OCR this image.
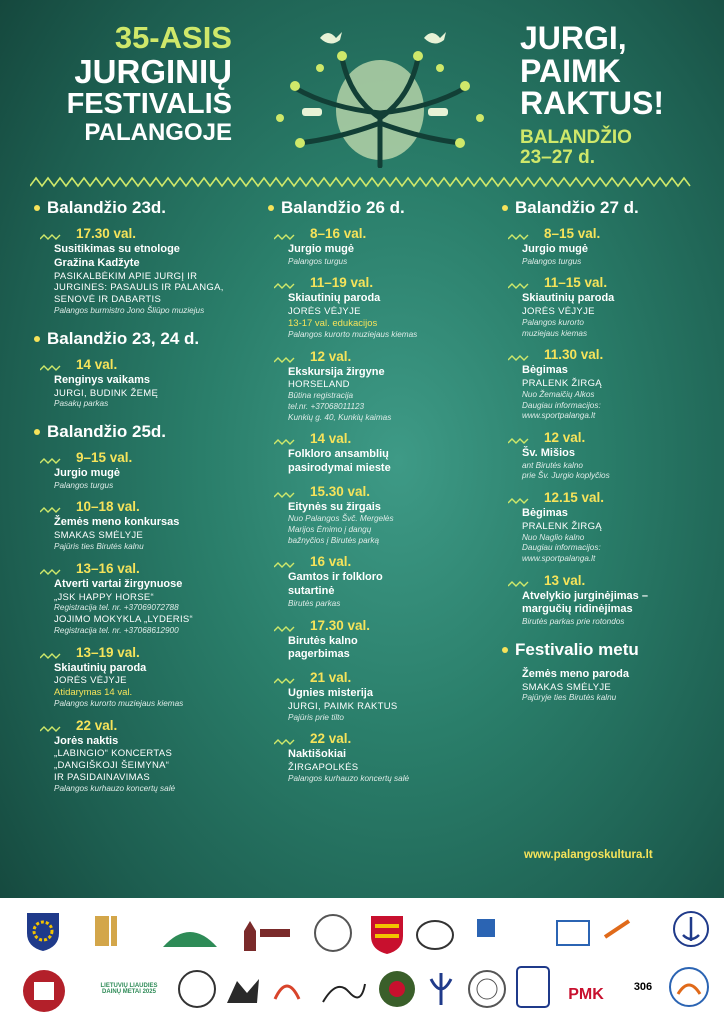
35-ASIS
JURGINIŲ
FESTIVALIS
PALANGOJE
JURGI,
PAIMK
RAKTUS!
BALANDŽIO
23–27 d.
Balandžio 23d.
17.30 val.
Susitikimas su etnologe
Gražina Kadžyte
PASIKALBĖKIM APIE JURGĮ IR
JURGINES: PASAULIS IR PALANGA,
SENOVĖ IR DABARTIS
Palangos burmistro Jono Šliūpo muziejus
Balandžio 23, 24 d.
14 val.
Renginys vaikams
JURGI, BUDINK ŽEMĘ
Pasakų parkas
Balandžio 25d.
9–15 val.
Jurgio mugė
Palangos turgus
10–18 val.
Žemės meno konkursas
SMAKAS SMĖLYJE
Pajūris ties Birutės kalnu
13–16 val.
Atverti vartai žirgynuose
„JSK HAPPY HORSE“
Registracija tel. nr. +37069072788
JOJIMO MOKYKLA „LYDERIS“
Registracija tel. nr. +37068612900
13–19 val.
Skiautinių paroda
JORĖS VĖJYJE
Atidarymas 14 val.
Palangos kurorto muziejaus kiemas
22 val.
Jorės naktis
„LABINGIO“ KONCERTAS
„DANGIŠKOJI ŠEIMYNA“
IR PASIDAINAVIMAS
Palangos kurhauzo koncertų salė
Balandžio 26 d.
8–16 val.
Jurgio mugė
Palangos turgus
11–19 val.
Skiautinių paroda
JORĖS VĖJYJE
13-17 val. edukacijos
Palangos kurorto muziejaus kiemas
12 val.
Ekskursija žirgyne
HORSELAND
Būtina registracija
tel.nr. +37068011123
Kunkių g. 40, Kunkių kaimas
14 val.
Folkloro ansamblių
pasirodymai mieste
15.30 val.
Eitynės su žirgais
Nuo Palangos Švč. Mergelės
Marijos Ėmimo į dangų
bažnyčios į Birutės parką
16 val.
Gamtos ir folkloro
sutartinė
Birutės parkas
17.30 val.
Birutės kalno
pagerbimas
21 val.
Ugnies misterija
JURGI, PAIMK RAKTUS
Pajūris prie tilto
22 val.
Naktišokiai
ŽIRGAPOLKĖS
Palangos kurhauzo koncertų salė
Balandžio 27 d.
8–15 val.
Jurgio mugė
Palangos turgus
11–15 val.
Skiautinių paroda
JORĖS VĖJYJE
Palangos kurorto
muziejaus kiemas
11.30 val.
Bėgimas
PRALENK ŽIRGĄ
Nuo Žemaičių Alkos
Daugiau informacijos:
www.sportpalanga.lt
12 val.
Šv. Mišios
ant Birutės kalno
prie Šv. Jurgio koplyčios
12.15 val.
Bėgimas
PRALENK ŽIRGĄ
Nuo Naglio kalno
Daugiau informacijos:
www.sportpalanga.lt
13 val.
Atvelykio jurginėjimas –
margučių ridinėjimas
Birutės parkas prie rotondos
Festivalio metu
Žemės meno paroda
SMAKAS SMĖLYJE
Pajūryje ties Birutės kalnu
www.palangoskultura.lt
LIETUVIŲ LIAUDIES DAINŲ METAI 2025	PMK	306
